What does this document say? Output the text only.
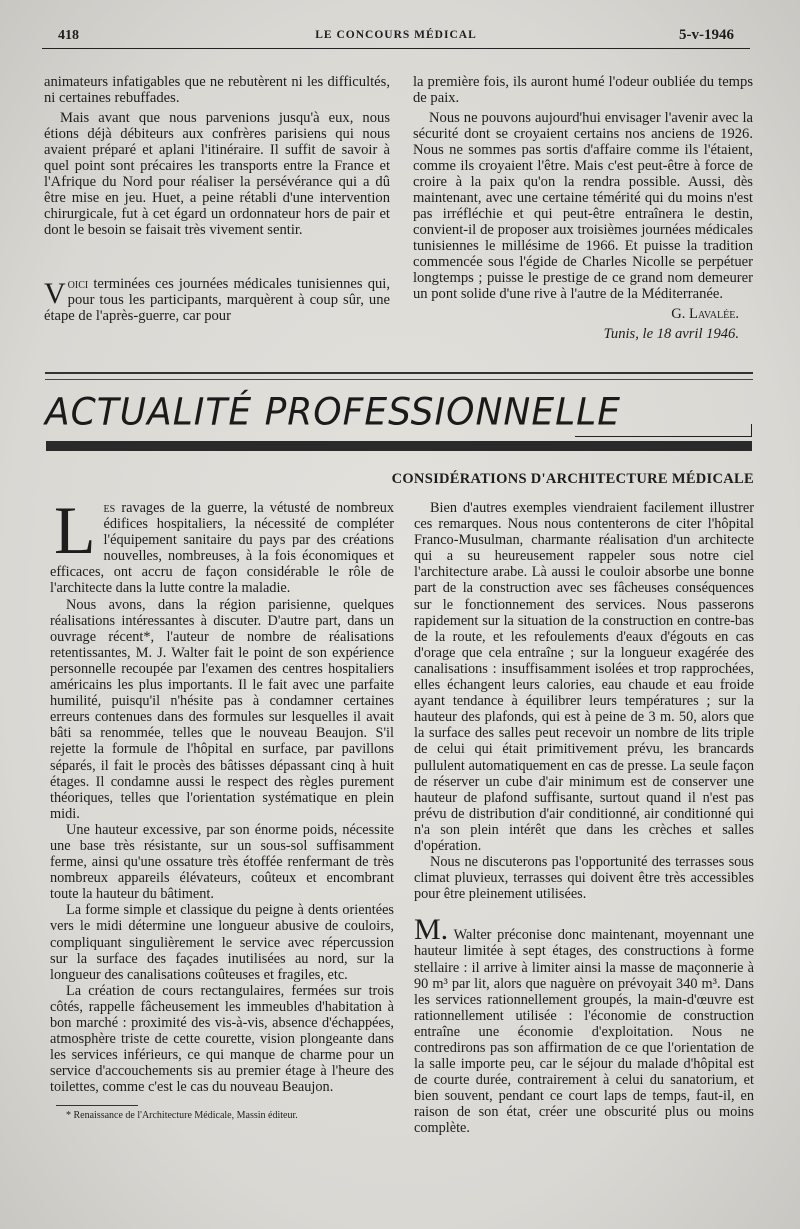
418	LE CONCOURS MÉDICAL	5-v-1946

animateurs infatigables que ne rebutèrent ni les difficultés, ni certaines rebuffades.

Mais avant que nous parvenions jusqu'à eux, nous étions déjà débiteurs aux confrères parisiens qui nous avaient préparé et aplani l'itinéraire. Il suffit de savoir à quel point sont précaires les transports entre la France et l'Afrique du Nord pour réaliser la persévérance qui a dû être mise en jeu. Huet, a peine rétabli d'une intervention chirurgicale, fut à cet égard un ordonnateur hors de pair et dont le besoin se faisait très vivement sentir.

Voici terminées ces journées médicales tunisiennes qui, pour tous les participants, marquèrent à coup sûr, une étape de l'après-guerre, car pour

la première fois, ils auront humé l'odeur oubliée du temps de paix.

Nous ne pouvons aujourd'hui envisager l'avenir avec la sécurité dont se croyaient certains nos anciens de 1926. Nous ne sommes pas sortis d'affaire comme ils l'étaient, comme ils croyaient l'être. Mais c'est peut-être à force de croire à la paix qu'on la rendra possible. Aussi, dès maintenant, avec une certaine témérité qui du moins n'est pas irréfléchie et qui peut-être entraînera le destin, convient-il de proposer aux troisièmes journées médicales tunisiennes le millésime de 1966. Et puisse la tradition commencée sous l'égide de Charles Nicolle se perpétuer longtemps ; puisse le prestige de ce grand nom demeurer un pont solide d'une rive à l'autre de la Méditerranée.

G. Lavalée.

Tunis, le 18 avril 1946.

ACTUALITÉ PROFESSIONNELLE
CONSIDÉRATIONS D'ARCHITECTURE MÉDICALE

Les ravages de la guerre, la vétusté de nombreux édifices hospitaliers, la nécessité de compléter l'équipement sanitaire du pays par des créations nouvelles, nombreuses, à la fois économiques et efficaces, ont accru de façon considérable le rôle de l'architecte dans la lutte contre la maladie.

Nous avons, dans la région parisienne, quelques réalisations intéressantes à discuter. D'autre part, dans un ouvrage récent*, l'auteur de nombre de réalisations retentissantes, M. J. Walter fait le point de son expérience personnelle recoupée par l'examen des centres hospitaliers américains les plus importants. Il le fait avec une parfaite humilité, puisqu'il n'hésite pas à condamner certaines erreurs contenues dans des formules sur lesquelles il avait bâti sa renommée, telles que le nouveau Beaujon. S'il rejette la formule de l'hôpital en surface, par pavillons séparés, il fait le procès des bâtisses dépassant cinq à huit étages. Il condamne aussi le respect des règles purement théoriques, telles que l'orientation systématique en plein midi.

Une hauteur excessive, par son énorme poids, nécessite une base très résistante, sur un sous-sol suffisamment ferme, ainsi qu'une ossature très étoffée renfermant de très nombreux appareils élévateurs, coûteux et encombrant toute la hauteur du bâtiment.

La forme simple et classique du peigne à dents orientées vers le midi détermine une longueur abusive de couloirs, compliquant singulièrement le service avec répercussion sur la surface des façades inutilisées au nord, sur la longueur des canalisations coûteuses et fragiles, etc.

La création de cours rectangulaires, fermées sur trois côtés, rappelle fâcheusement les immeubles d'habitation à bon marché : proximité des vis-à-vis, absence d'échappées, atmosphère triste de cette courette, vision plongeante dans les services inférieurs, ce qui manque de charme pour un service d'accouchements sis au premier étage à l'heure des toilettes, comme c'est le cas du nouveau Beaujon.

* Renaissance de l'Architecture Médicale, Massin éditeur.

Bien d'autres exemples viendraient facilement illustrer ces remarques. Nous nous contenterons de citer l'hôpital Franco-Musulman, charmante réalisation d'un architecte qui a su heureusement rappeler sous notre ciel l'architecture arabe. Là aussi le couloir absorbe une bonne part de la construction avec ses fâcheuses conséquences sur le fonctionnement des services. Nous passerons rapidement sur la situation de la construction en contre-bas de la route, et les refoulements d'eaux d'égouts en cas d'orage que cela entraîne ; sur la longueur exagérée des canalisations : insuffisamment isolées et trop rapprochées, elles échangent leurs calories, eau chaude et eau froide ayant tendance à équilibrer leurs températures ; sur la hauteur des plafonds, qui est à peine de 3 m. 50, alors que la surface des salles peut recevoir un nombre de lits triple de celui qui était primitivement prévu, les brancards pullulent automatiquement en cas de presse. La seule façon de réserver un cube d'air minimum est de conserver une hauteur de plafond suffisante, surtout quand il n'est pas prévu de distribution d'air conditionné, air conditionné qui n'a son plein intérêt que dans les crèches et salles d'opération.

Nous ne discuterons pas l'opportunité des terrasses sous climat pluvieux, terrasses qui doivent être très accessibles pour être pleinement utilisées.

M. Walter préconise donc maintenant, moyennant une hauteur limitée à sept étages, des constructions à forme stellaire : il arrive à limiter ainsi la masse de maçonnerie à 90 m³ par lit, alors que naguère on prévoyait 340 m³. Dans les services rationnellement groupés, la main-d'œuvre est rationnellement utilisée : l'économie de construction entraîne une économie d'exploitation. Nous ne contredirons pas son affirmation de ce que l'orientation de la salle importe peu, car le séjour du malade d'hôpital est de courte durée, contrairement à celui du sanatorium, et bien souvent, pendant ce court laps de temps, faut-il, en raison de son état, créer une obscurité plus ou moins complète.
